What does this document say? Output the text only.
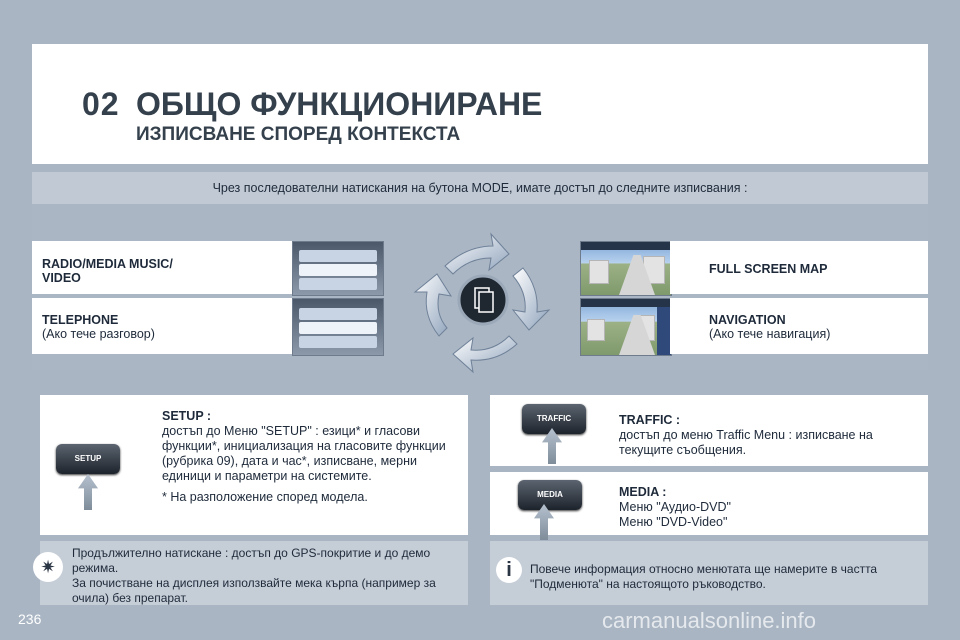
02 ОБЩО ФУНКЦИОНИРАНЕ
ИЗПИСВАНЕ СПОРЕД КОНТЕКСТА
Чрез последователни натискания на бутона MODE, имате достъп до следните изписвания :
RADIO/MEDIA MUSIC/
VIDEO
TELEPHONE
(Ако тече разговор)
FULL SCREEN MAP
NAVIGATION
(Ако тече навигация)
SETUP
SETUP :
достъп до Меню "SETUP" : езици* и гласови
функции*, инициализация на гласовите функции
(рубрика 09), дата и час*, изписване, мерни
единици и параметри на системите.
* На разположение според модела.
TRAFFIC	TRAFFIC :
достъп до меню Traffic Menu : изписване на
текущите съобщения.
MEDIA	MEDIA :
Меню "Аудио-DVD"
Меню "DVD-Video"
✷
Продължително натискане : достъп до GPS-покритие и до демо
режима.
За почистване на дисплея използвайте мека кърпа (например за
очила) без препарат.
i	Повече информация относно менютата ще намерите в частта
"Подменюта" на настоящото ръководство.
236	carmanualsonline.info
